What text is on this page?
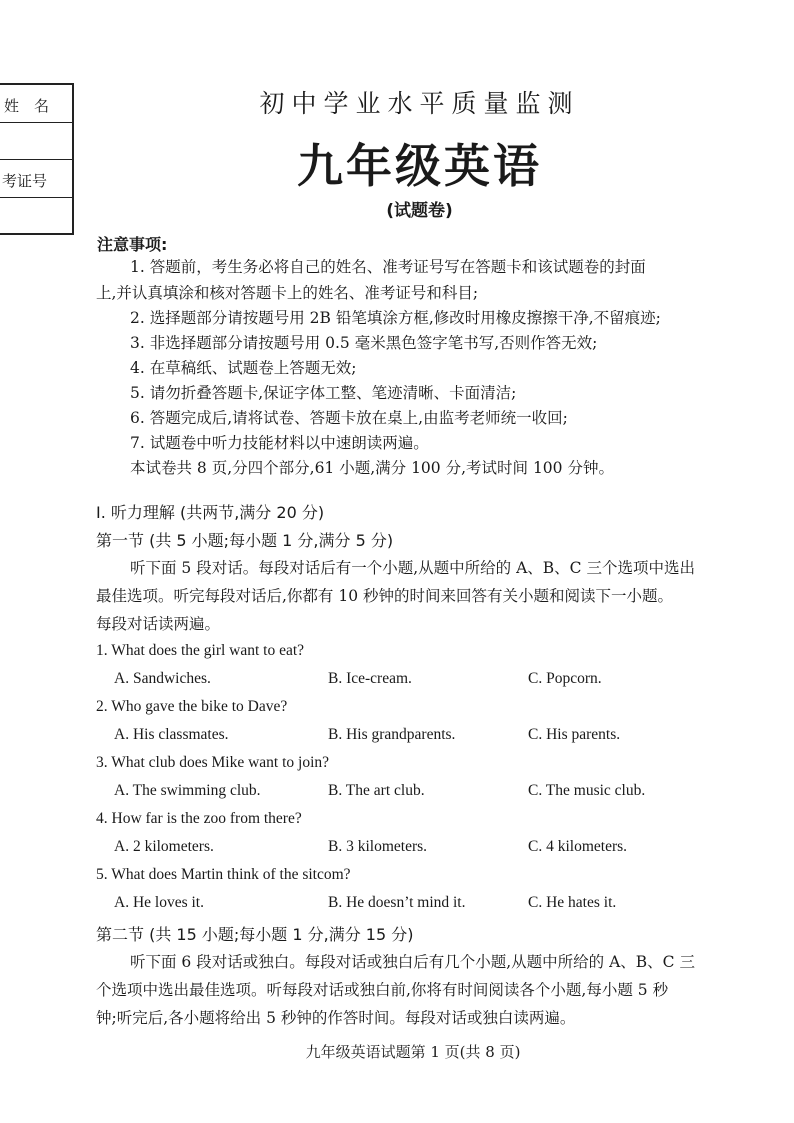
姓　名
考证号
初中学业水平质量监测
九年级英语
(试题卷)
注意事项:
1. 答题前，考生务必将自己的姓名、准考证号写在答题卡和该试题卷的封面
上,并认真填涂和核对答题卡上的姓名、准考证号和科目;
2. 选择题部分请按题号用 2B 铅笔填涂方框,修改时用橡皮擦擦干净,不留痕迹;
3. 非选择题部分请按题号用 0.5 毫米黑色签字笔书写,否则作答无效;
4. 在草稿纸、试题卷上答题无效;
5. 请勿折叠答题卡,保证字体工整、笔迹清晰、卡面清洁;
6. 答题完成后,请将试卷、答题卡放在桌上,由监考老师统一收回;
7. 试题卷中听力技能材料以中速朗读两遍。
本试卷共 8 页,分四个部分,61 小题,满分 100 分,考试时间 100 分钟。
Ⅰ. 听力理解 (共两节,满分 20 分)
第一节 (共 5 小题;每小题 1 分,满分 5 分)
听下面 5 段对话。每段对话后有一个小题,从题中所给的 A、B、C 三个选项中选出
最佳选项。听完每段对话后,你都有 10 秒钟的时间来回答有关小题和阅读下一小题。
每段对话读两遍。
1. What does the girl want to eat?
A. Sandwiches.	B. Ice-cream.	C. Popcorn.
2. Who gave the bike to Dave?
A. His classmates.	B. His grandparents.	C. His parents.
3. What club does Mike want to join?
A. The swimming club.	B. The art club.	C. The music club.
4. How far is the zoo from there?
A. 2 kilometers.	B. 3 kilometers.	C. 4 kilometers.
5. What does Martin think of the sitcom?
A. He loves it.	B. He doesn’t mind it.	C. He hates it.
第二节 (共 15 小题;每小题 1 分,满分 15 分)
听下面 6 段对话或独白。每段对话或独白后有几个小题,从题中所给的 A、B、C 三
个选项中选出最佳选项。听每段对话或独白前,你将有时间阅读各个小题,每小题 5 秒
钟;听完后,各小题将给出 5 秒钟的作答时间。每段对话或独白读两遍。
九年级英语试题第 1 页(共 8 页)
